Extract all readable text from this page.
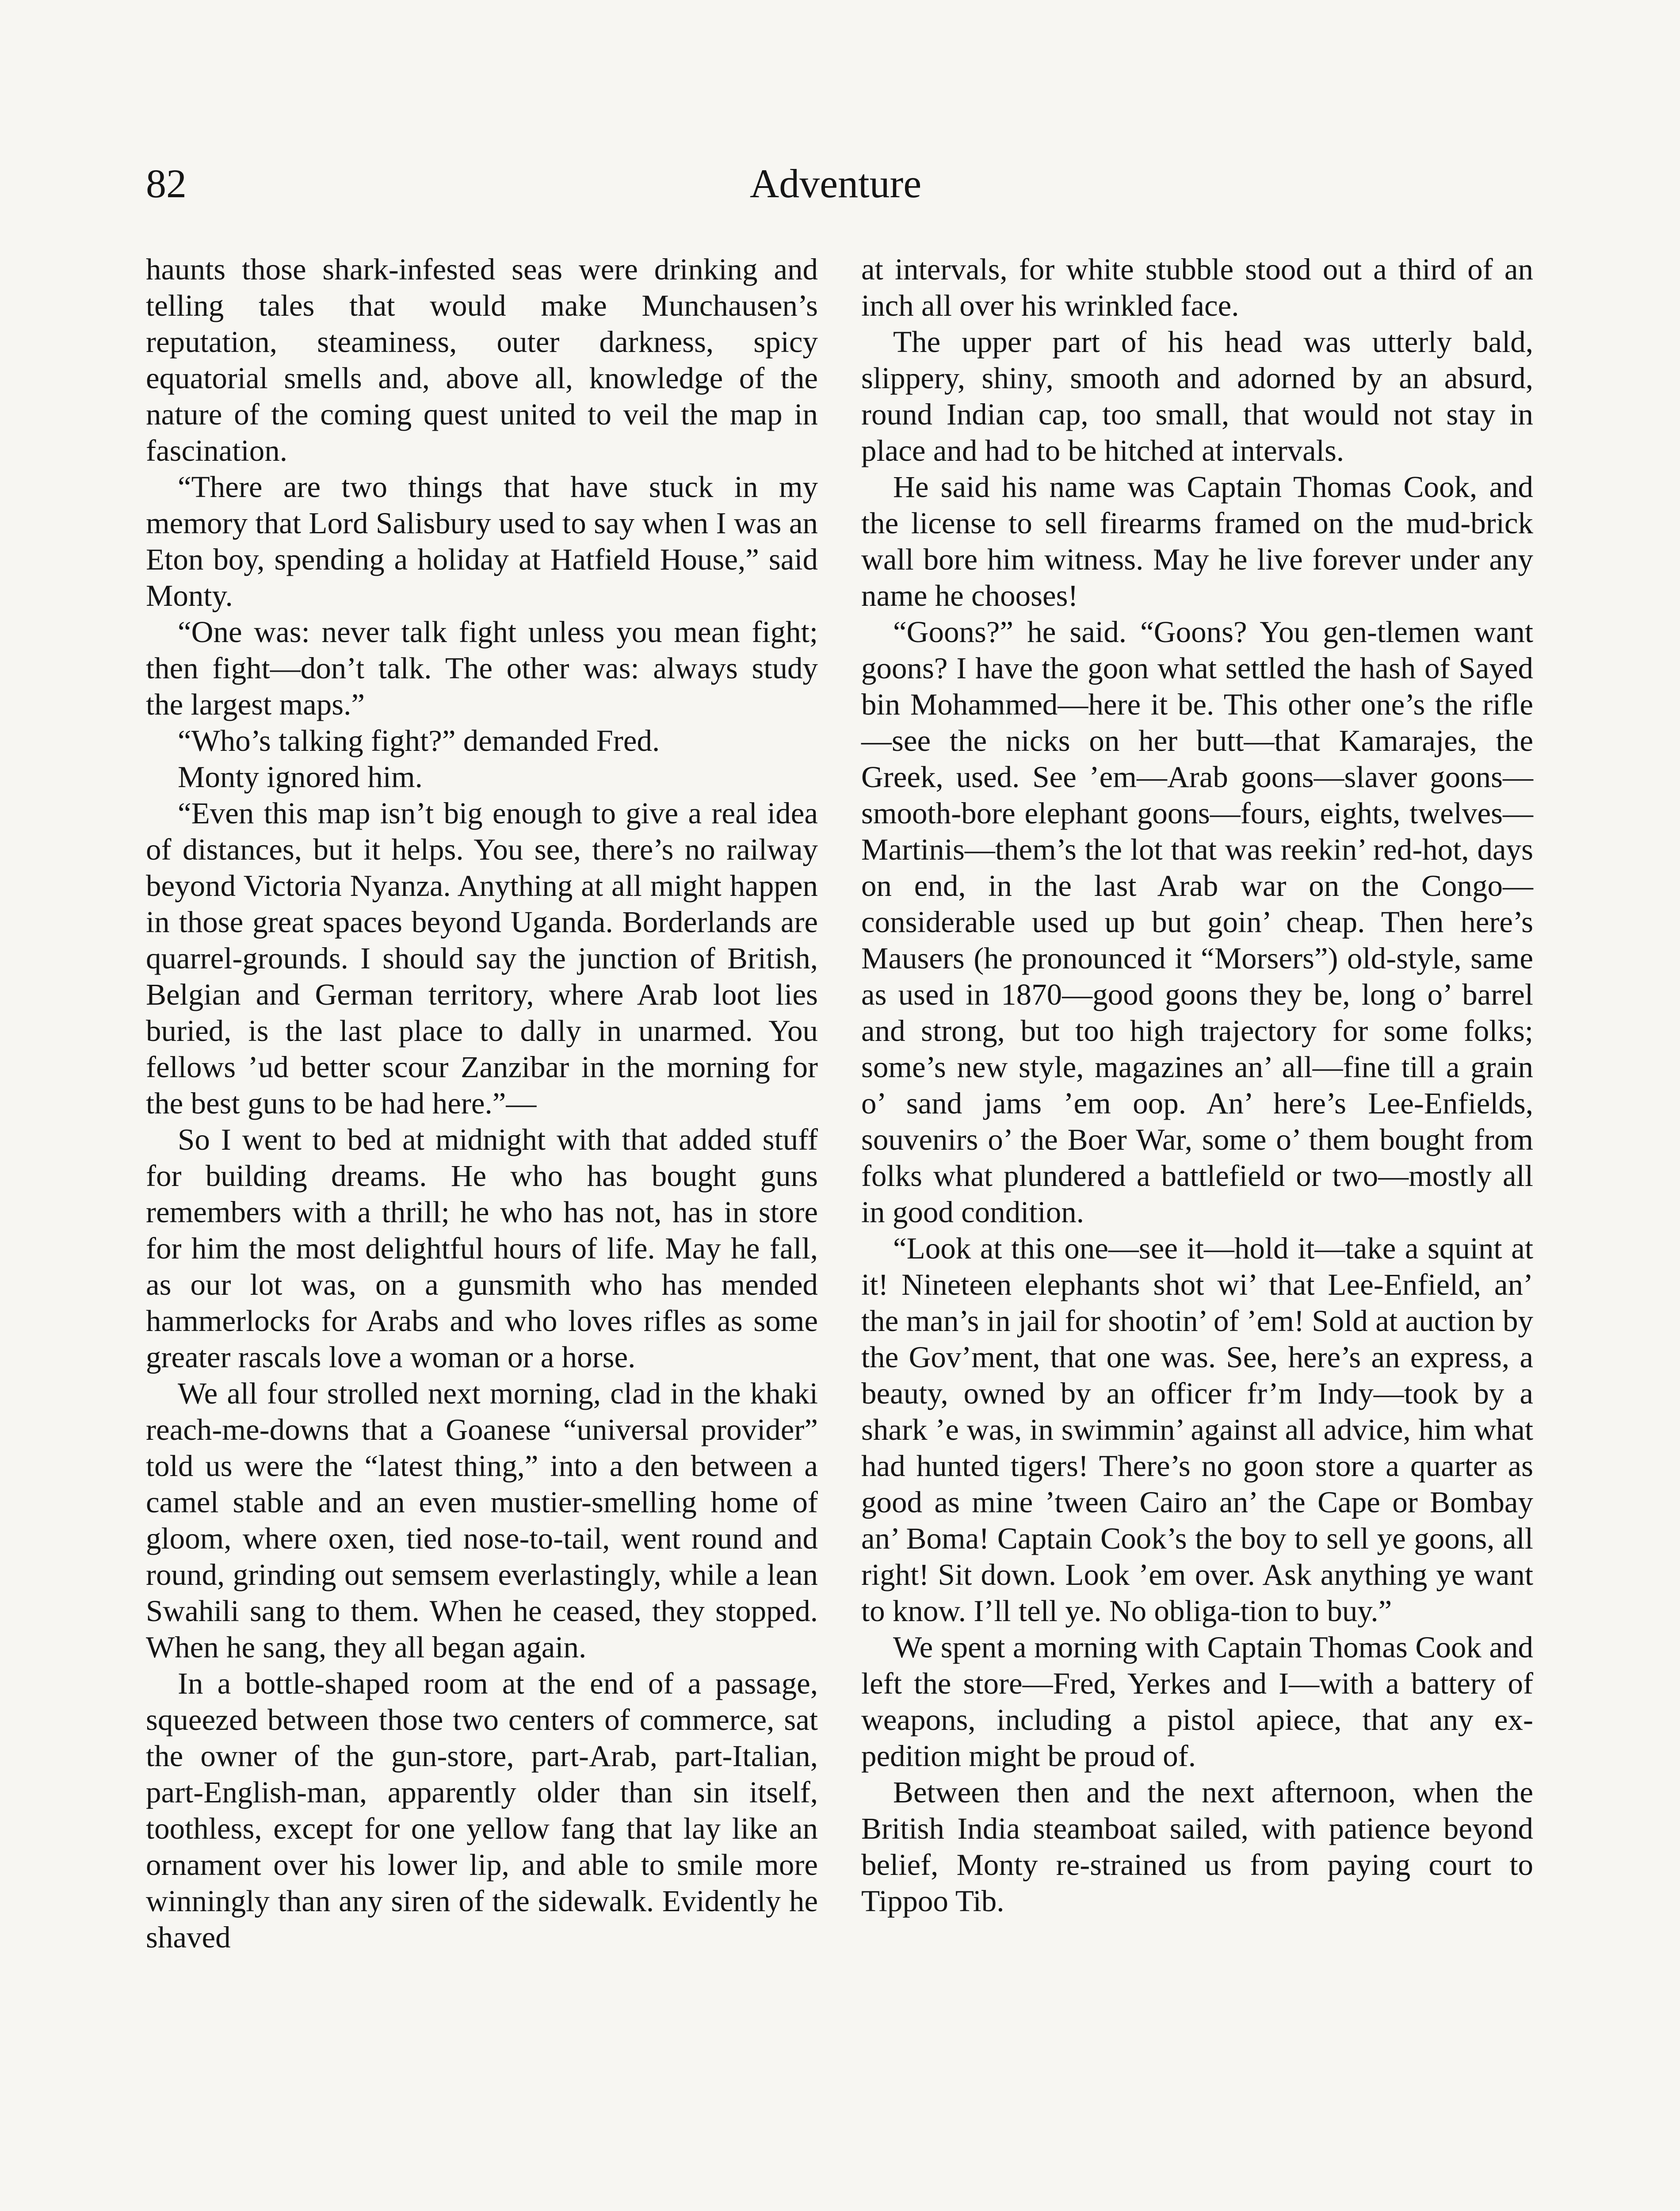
82	Adventure

haunts those shark-infested seas were drinking and telling tales that would make Munchausen’s reputation, steaminess, outer darkness, spicy equatorial smells and, above all, knowledge of the nature of the coming quest united to veil the map in fascination.

“There are two things that have stuck in my memory that Lord Salisbury used to say when I was an Eton boy, spending a holiday at Hatfield House,” said Monty.

“One was: never talk fight unless you mean fight; then fight—don’t talk. The other was: always study the largest maps.”

“Who’s talking fight?” demanded Fred.

Monty ignored him.

“Even this map isn’t big enough to give a real idea of distances, but it helps. You see, there’s no railway beyond Victoria Nyanza. Anything at all might happen in those great spaces beyond Uganda. Borderlands are quarrel-grounds. I should say the junction of British, Belgian and German territory, where Arab loot lies buried, is the last place to dally in unarmed. You fellows ’ud better scour Zanzibar in the morning for the best guns to be had here.”—

So I went to bed at midnight with that added stuff for building dreams. He who has bought guns remembers with a thrill; he who has not, has in store for him the most delightful hours of life. May he fall, as our lot was, on a gunsmith who has mended hammerlocks for Arabs and who loves rifles as some greater rascals love a woman or a horse.

We all four strolled next morning, clad in the khaki reach-me-downs that a Goanese “universal provider” told us were the “latest thing,” into a den between a camel stable and an even mustier-smelling home of gloom, where oxen, tied nose-to-tail, went round and round, grinding out semsem everlastingly, while a lean Swahili sang to them. When he ceased, they stopped. When he sang, they all began again.

In a bottle-shaped room at the end of a passage, squeezed between those two centers of commerce, sat the owner of the gun-store, part-Arab, part-Italian, part-English-man, apparently older than sin itself, toothless, except for one yellow fang that lay like an ornament over his lower lip, and able to smile more winningly than any siren of the sidewalk. Evidently he shaved

at intervals, for white stubble stood out a third of an inch all over his wrinkled face.

The upper part of his head was utterly bald, slippery, shiny, smooth and adorned by an absurd, round Indian cap, too small, that would not stay in place and had to be hitched at intervals.

He said his name was Captain Thomas Cook, and the license to sell firearms framed on the mud-brick wall bore him witness. May he live forever under any name he chooses!

“Goons?” he said. “Goons? You gen-tlemen want goons? I have the goon what settled the hash of Sayed bin Mohammed—here it be. This other one’s the rifle—see the nicks on her butt—that Kamarajes, the Greek, used. See ’em—Arab goons—slaver goons—smooth-bore elephant goons—fours, eights, twelves—Martinis—them’s the lot that was reekin’ red-hot, days on end, in the last Arab war on the Congo—considerable used up but goin’ cheap. Then here’s Mausers (he pronounced it “Morsers”) old-style, same as used in 1870—good goons they be, long o’ barrel and strong, but too high trajectory for some folks; some’s new style, magazines an’ all—fine till a grain o’ sand jams ’em oop. An’ here’s Lee-Enfields, souvenirs o’ the Boer War, some o’ them bought from folks what plundered a battlefield or two—mostly all in good condition.

“Look at this one—see it—hold it—take a squint at it! Nineteen elephants shot wi’ that Lee-Enfield, an’ the man’s in jail for shootin’ of ’em! Sold at auction by the Gov’ment, that one was. See, here’s an express, a beauty, owned by an officer fr’m Indy—took by a shark ’e was, in swimmin’ against all advice, him what had hunted tigers! There’s no goon store a quarter as good as mine ’tween Cairo an’ the Cape or Bombay an’ Boma! Captain Cook’s the boy to sell ye goons, all right! Sit down. Look ’em over. Ask anything ye want to know. I’ll tell ye. No obliga-tion to buy.”

We spent a morning with Captain Thomas Cook and left the store—Fred, Yerkes and I—with a battery of weapons, including a pistol apiece, that any ex-pedition might be proud of.

Between then and the next afternoon, when the British India steamboat sailed, with patience beyond belief, Monty re-strained us from paying court to Tippoo Tib.
